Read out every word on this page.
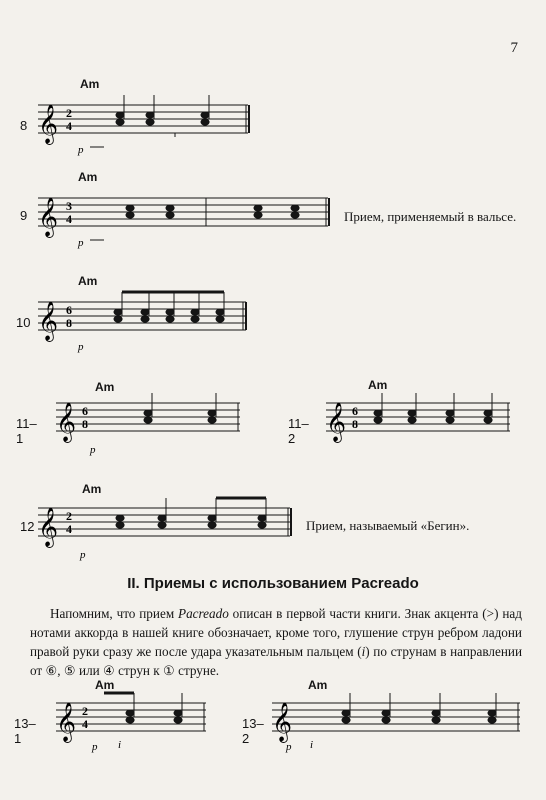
7
Am
8 𝄞 2
4
p
Am
9	Прием, применяемый в вальсе.
𝄞 3
4
p
Am
10 𝄞 6
8
p
Am
11–1 𝄞 6
8
p
Am
11–2 𝄞 6
8
Am
12	Прием, называемый «Бегин».
𝄞 2
4
p
II. Приемы с использованием Pacreado
Напомним, что прием Pacreado описан в первой части книги. Знак акцента (>) над нотами аккорда в нашей книге обозначает, кроме того, глушение струн ребром ладони правой руки сразу же после удара указательным пальцем (i) по струнам в направлении от ⑥, ⑤ или ④ струн к ① струне.
Am
13–1	𝄞 2
4
p i
Am
13–2 𝄞
p i
